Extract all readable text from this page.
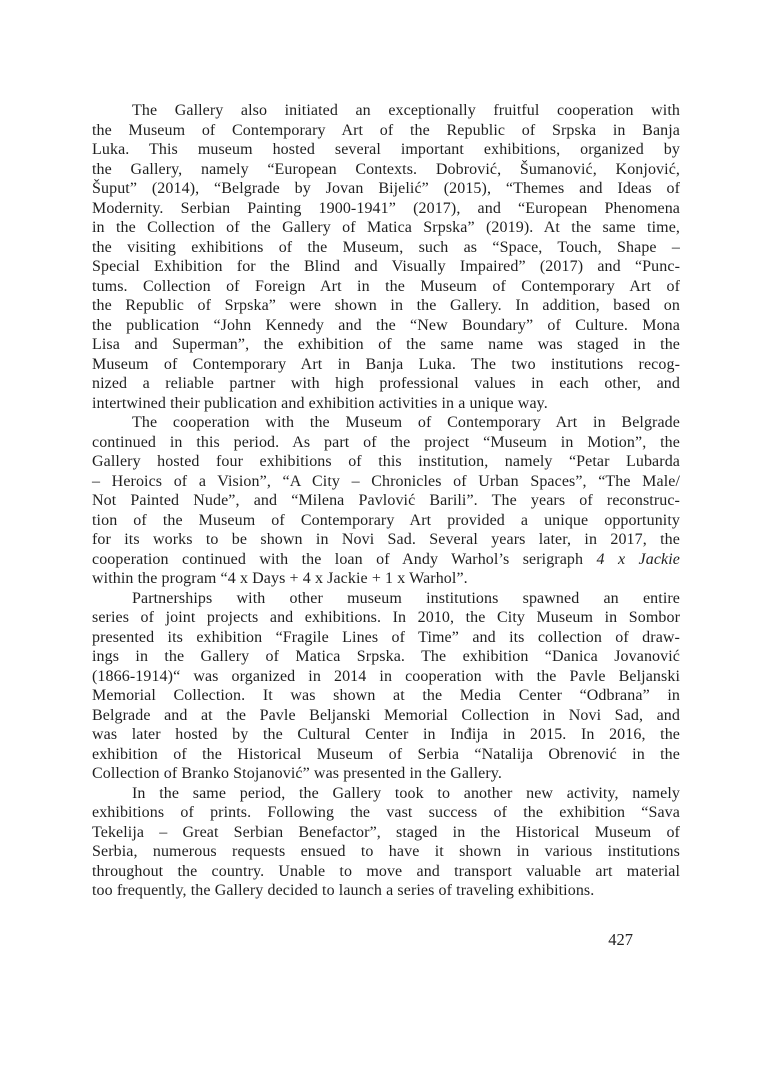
The Gallery also initiated an exceptionally fruitful cooperation with
the Museum of Contemporary Art of the Republic of Srpska in Banja
Luka. This museum hosted several important exhibitions, organized by
the Gallery, namely “European Contexts. Dobrović, Šumanović, Konjović,
Šuput” (2014), “Belgrade by Jovan Bijelić” (2015), “Themes and Ideas of
Modernity. Serbian Painting 1900-1941” (2017), and “European Phenomena
in the Collection of the Gallery of Matica Srpska” (2019). At the same time,
the visiting exhibitions of the Museum, such as “Space, Touch, Shape –
Special Exhibition for the Blind and Visually Impaired” (2017) and “Punc-
tums. Collection of Foreign Art in the Museum of Contemporary Art of
the Republic of Srpska” were shown in the Gallery. In addition, based on
the publication “John Kennedy and the “New Boundary” of Culture. Mona
Lisa and Superman”, the exhibition of the same name was staged in the
Museum of Contemporary Art in Banja Luka. The two institutions recog-
nized a reliable partner with high professional values in each other, and
intertwined their publication and exhibition activities in a unique way.
The cooperation with the Museum of Contemporary Art in Belgrade
continued in this period. As part of the project “Museum in Motion”, the
Gallery hosted four exhibitions of this institution, namely “Petar Lubarda
– Heroics of a Vision”, “A City – Chronicles of Urban Spaces”, “The Male/
Not Painted Nude”, and “Milena Pavlović Barili”. The years of reconstruc-
tion of the Museum of Contemporary Art provided a unique opportunity
for its works to be shown in Novi Sad. Several years later, in 2017, the
cooperation continued with the loan of Andy Warhol’s serigraph 4 x Jackie
within the program “4 x Days + 4 x Jackie + 1 x Warhol”.
Partnerships with other museum institutions spawned an entire
series of joint projects and exhibitions. In 2010, the City Museum in Sombor
presented its exhibition “Fragile Lines of Time” and its collection of draw-
ings in the Gallery of Matica Srpska. The exhibition “Danica Jovanović
(1866-1914)“ was organized in 2014 in cooperation with the Pavle Beljanski
Memorial Collection. It was shown at the Media Center “Odbrana” in
Belgrade and at the Pavle Beljanski Memorial Collection in Novi Sad, and
was later hosted by the Cultural Center in Inđija in 2015. In 2016, the
exhibition of the Historical Museum of Serbia “Natalija Obrenović in the
Collection of Branko Stojanović” was presented in the Gallery.
In the same period, the Gallery took to another new activity, namely
exhibitions of prints. Following the vast success of the exhibition “Sava
Tekelija – Great Serbian Benefactor”, staged in the Historical Museum of
Serbia, numerous requests ensued to have it shown in various institutions
throughout the country. Unable to move and transport valuable art material
too frequently, the Gallery decided to launch a series of traveling exhibitions.
427
